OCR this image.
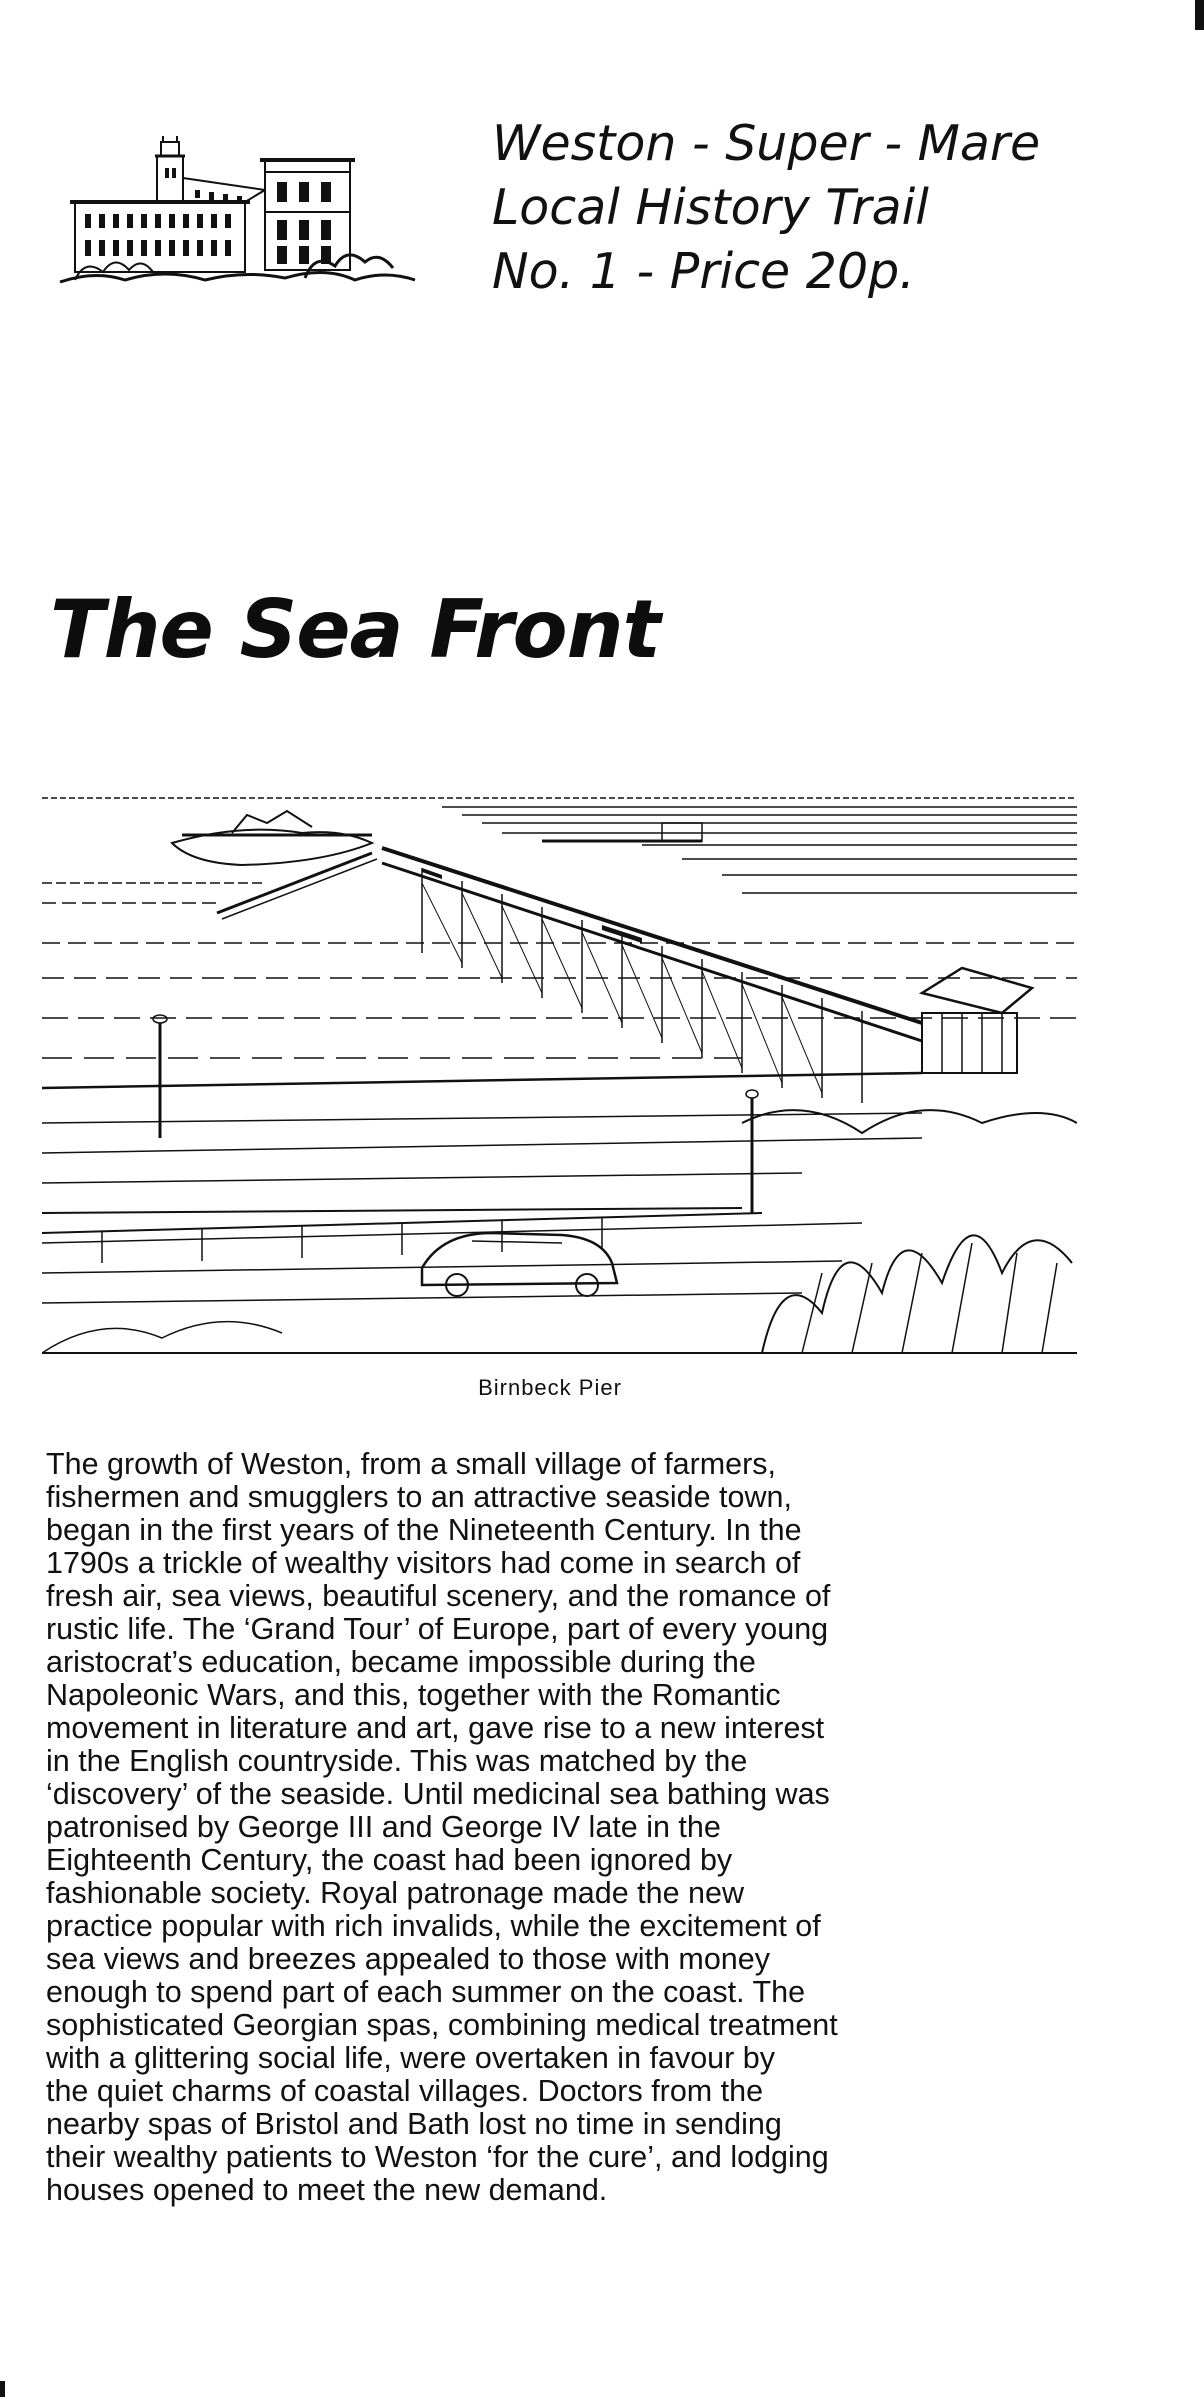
Weston - Super - Mare
Local History Trail
No. 1 - Price 20p.
The Sea Front
Birnbeck Pier
The growth of Weston, from a small village of farmers,
fishermen and smugglers to an attractive seaside town,
began in the first years of the Nineteenth Century. In the
1790s a trickle of wealthy visitors had come in search of
fresh air, sea views, beautiful scenery, and the romance of
rustic life. The ‘Grand Tour’ of Europe, part of every young
aristocrat’s education, became impossible during the
Napoleonic Wars, and this, together with the Romantic
movement in literature and art, gave rise to a new interest
in the English countryside. This was matched by the
‘discovery’ of the seaside. Until medicinal sea bathing was
patronised by George III and George IV late in the
Eighteenth Century, the coast had been ignored by
fashionable society. Royal patronage made the new
practice popular with rich invalids, while the excitement of
sea views and breezes appealed to those with money
enough to spend part of each summer on the coast. The
sophisticated Georgian spas, combining medical treatment
with a glittering social life, were overtaken in favour by
the quiet charms of coastal villages. Doctors from the
nearby spas of Bristol and Bath lost no time in sending
their wealthy patients to Weston ‘for the cure’, and lodging
houses opened to meet the new demand.
